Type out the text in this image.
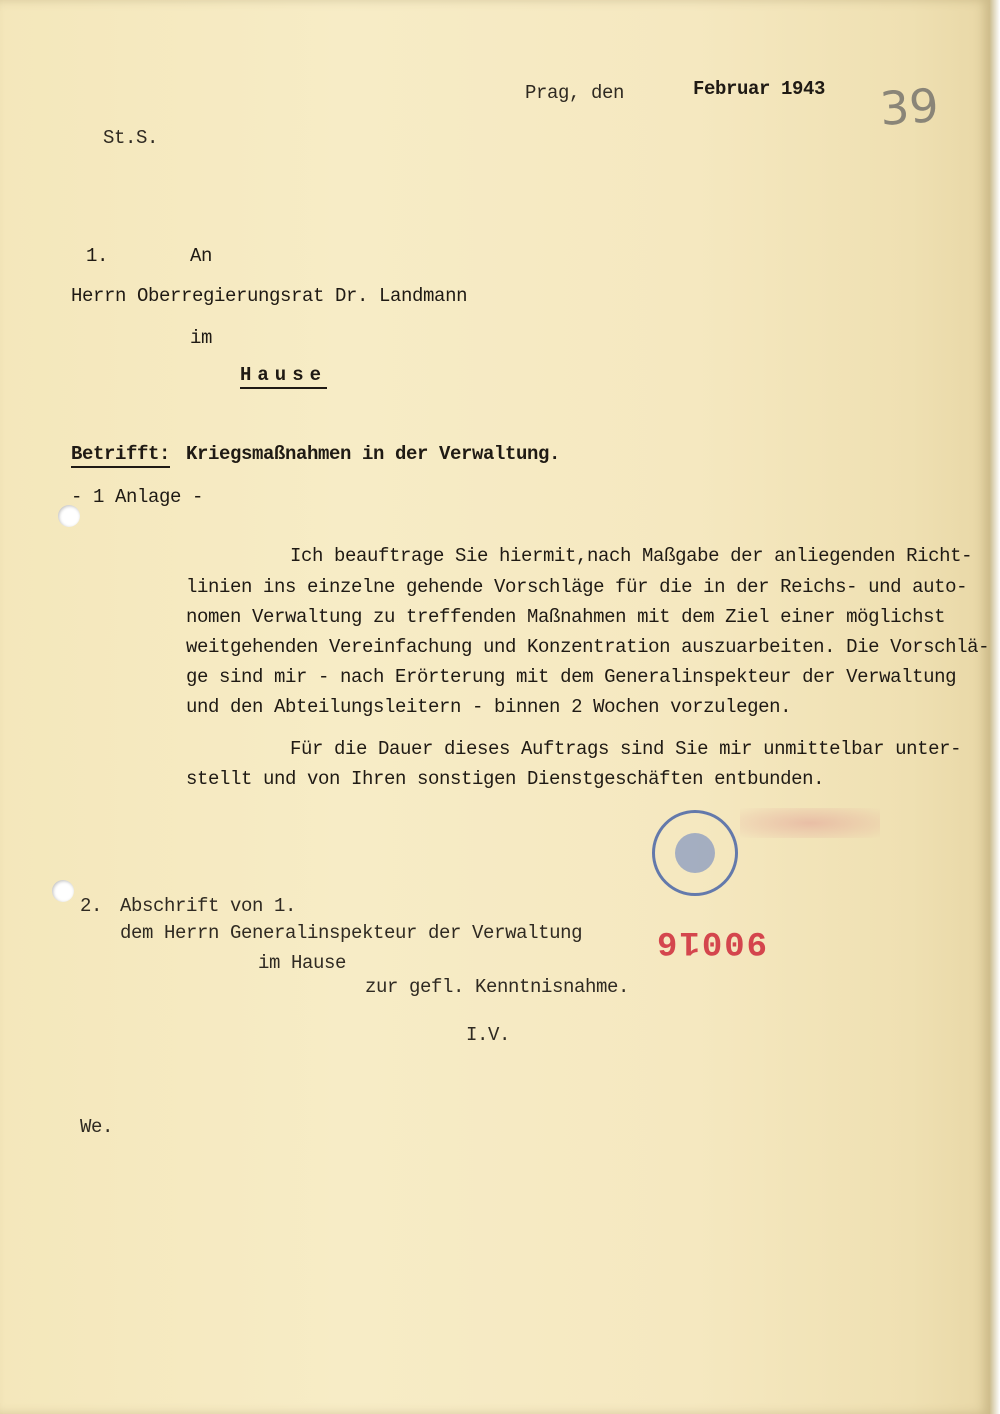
Prag, den	Februar 1943 39
St.S.
1.	An
Herrn Oberregierungsrat Dr. Landmann
im
Hause
Betrifft: Kriegsmaßnahmen in der Verwaltung.
- 1 Anlage -
Ich beauftrage Sie hiermit,nach Maßgabe der anliegenden Richt-
linien ins einzelne gehende Vorschläge für die in der Reichs- und auto-
nomen Verwaltung zu treffenden Maßnahmen mit dem Ziel einer möglichst
weitgehenden Vereinfachung und Konzentration auszuarbeiten. Die Vorschlä-
ge sind mir - nach Erörterung mit dem Generalinspekteur der Verwaltung
und den Abteilungsleitern - binnen 2 Wochen vorzulegen.
Für die Dauer dieses Auftrags sind Sie mir unmittelbar unter-
stellt und von Ihren sonstigen Dienstgeschäften entbunden.
90016
2. Abschrift von 1.
dem Herrn Generalinspekteur der Verwaltung
im Hause
zur gefl. Kenntnisnahme.
I.V.
We.
